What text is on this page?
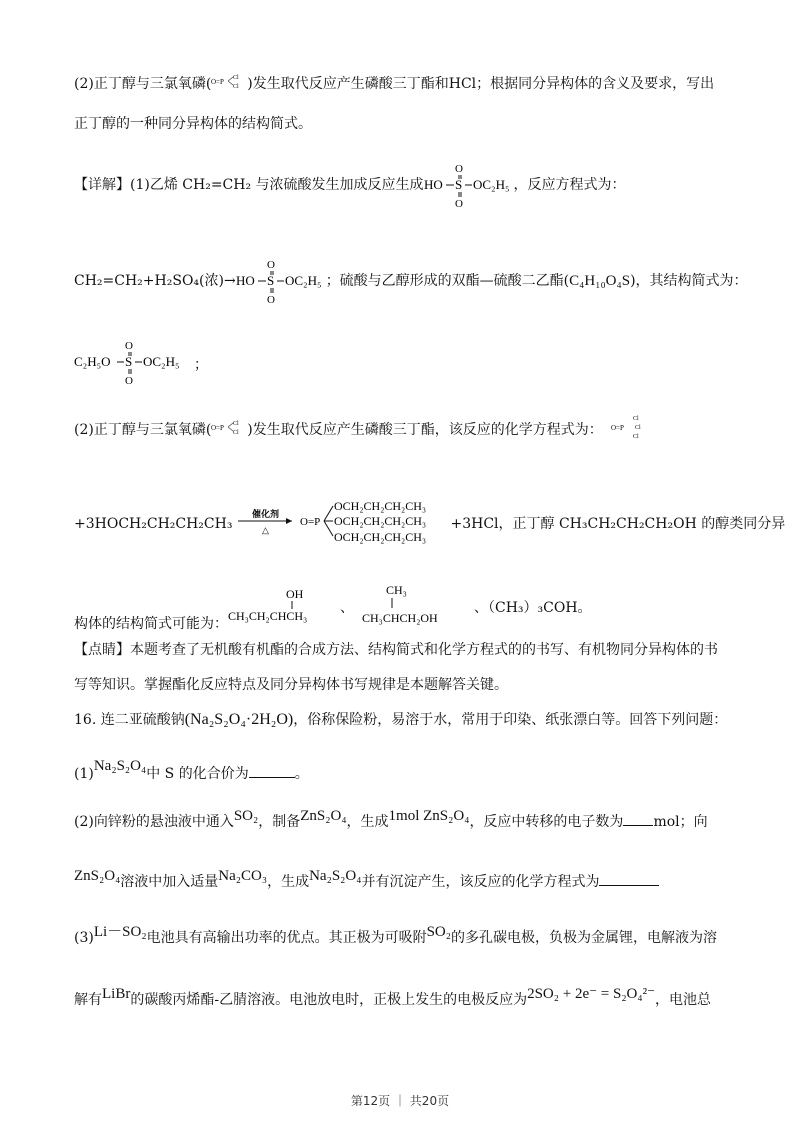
(2)正丁醇与三氯氧磷( O=P Cl
Cl )发生取代反应产生磷酸三丁酯和HCl；根据同分异构体的含义及要求，写出
正丁醇的一种同分异构体的结构简式。
【详解】(1)乙烯 CH₂=CH₂ 与浓硫酸发生加成反应生成 HO S
O
O
OC₂H₅ ，反应方程式为：
CH₂=CH₂+H₂SO₄(浓)→ HO S
O
O
OC₂H₅ ；硫酸与乙醇形成的双酯—硫酸二乙酯(C₄H₁₀O₄S)，其结构简式为：
C₂H₅O S
O
O
OC₂H₅ ；
(2)正丁醇与三氯氧磷( O=P Cl
Cl )发生取代反应产生磷酸三丁酯，该反应的化学方程式为： O=P
Cl
Cl
Cl
+3HOCH₂CH₂CH₂CH₃
催化剂
△
O=P
OCH₂CH₂CH₂CH₃
OCH₂CH₂CH₂CH₃
OCH₂CH₂CH₂CH₃
+3HCl，正丁醇 CH₃CH₂CH₂CH₂OH 的醇类同分异
构体的结构简式可能为：
OH
CH₃CH₂CHCH₃ 、
CH₃
CH₃CHCH₂OH
、（CH₃）₃COH。
【点睛】本题考查了无机酸有机酯的合成方法、结构简式和化学方程式的的书写、有机物同分异构体的书
写等知识。掌握酯化反应特点及同分异构体书写规律是本题解答关键。
16. 连二亚硫酸钠(Na₂S₂O₄·2H₂O)，俗称保险粉，易溶于水，常用于印染、纸张漂白等。回答下列问题：
(1)Na₂S₂O₄中 S 的化合价为	。
(2)向锌粉的悬浊液中通入SO₂，制备ZnS₂O₄，生成1mol ZnS₂O₄，反应中转移的电子数为 mol；向
ZnS₂O₄溶液中加入适量Na₂CO₃，生成Na₂S₂O₄并有沉淀产生，该反应的化学方程式为
(3)Li－SO₂电池具有高输出功率的优点。其正极为可吸附SO₂的多孔碳电极，负极为金属锂，电解液为溶
解有LiBr的碳酸丙烯酯-乙腈溶液。电池放电时，正极上发生的电极反应为2SO₂ + 2e⁻ = S₂O₄²⁻，电池总
第12页 ｜ 共20页
